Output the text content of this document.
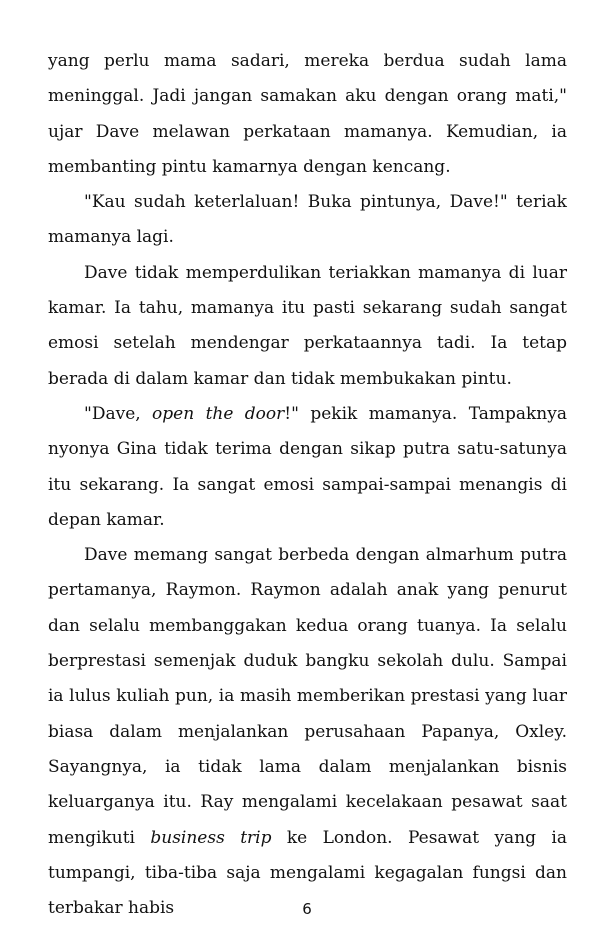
yang perlu mama sadari, mereka berdua sudah lama meninggal. Jadi jangan samakan aku dengan orang mati," ujar Dave melawan perkataan mamanya. Kemudian, ia membanting pintu kamarnya dengan kencang.

"Kau sudah keterlaluan! Buka pintunya, Dave!" teriak mamanya lagi.

Dave tidak memperdulikan teriakkan mamanya di luar kamar. Ia tahu, mamanya itu pasti sekarang sudah sangat emosi setelah mendengar perkataannya tadi. Ia tetap berada di dalam kamar dan tidak membukakan pintu.

"Dave, open the door!" pekik mamanya. Tampaknya nyonya Gina tidak terima dengan sikap putra satu-satunya itu sekarang. Ia sangat emosi sampai-sampai menangis di depan kamar.

Dave memang sangat berbeda dengan almarhum putra pertamanya, Raymon. Raymon adalah anak yang penurut dan selalu membanggakan kedua orang tuanya. Ia selalu berprestasi semenjak duduk bangku sekolah dulu. Sampai ia lulus kuliah pun, ia masih memberikan prestasi yang luar biasa dalam menjalankan perusahaan Papanya, Oxley. Sayangnya, ia tidak lama dalam menjalankan bisnis keluarganya itu. Ray mengalami kecelakaan pesawat saat mengikuti business trip ke London. Pesawat yang ia tumpangi, tiba-tiba saja mengalami kegagalan fungsi dan terbakar habis	6
